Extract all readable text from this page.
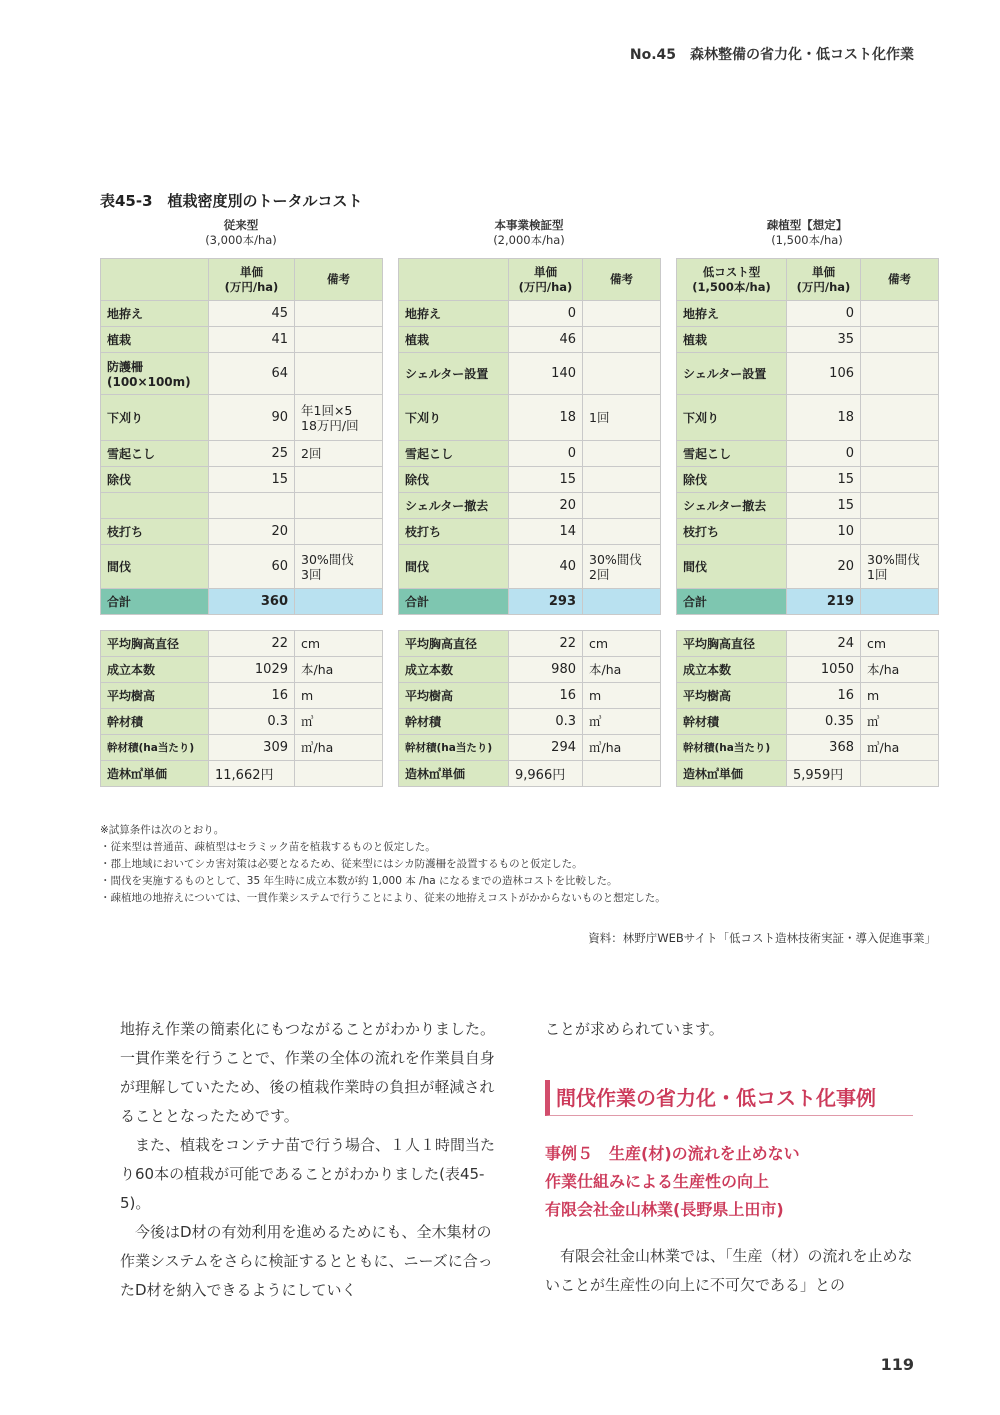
No.45　森林整備の省力化・低コスト化作業
表45-3　植栽密度別のトータルコスト
従来型
(3,000本/ha)
本事業検証型
(2,000本/ha)
疎植型【想定】
(1,500本/ha)
	単価
(万円/ha)	備考
地拵え	45	
植栽	41	
防護柵
(100×100m)	64	
下刈り	90	年1回×5
18万円/回
雪起こし	25	2回
除伐	15	

枝打ち	20	
間伐	60	30%間伐
3回
合計	360	

平均胸高直径	22	cm
成立本数	1029	本/ha
平均樹高	16	m
幹材積	0.3	㎥
幹材積(ha当たり)	309	㎥/ha
造林㎥単価	11,662円	
	単価
(万円/ha)	備考
地拵え	0	
植栽	46	
シェルター設置	140	
下刈り	18	1回
雪起こし	0	
除伐	15	
シェルター撤去	20	
枝打ち	14	
間伐	40	30%間伐
2回
合計	293	

平均胸高直径	22	cm
成立本数	980	本/ha
平均樹高	16	m
幹材積	0.3	㎥
幹材積(ha当たり)	294	㎥/ha
造林㎥単価	9,966円	
低コスト型
(1,500本/ha)	単価
(万円/ha)	備考
地拵え	0	
植栽	35	
シェルター設置	106	
下刈り	18	
雪起こし	0	
除伐	15	
シェルター撤去	15	
枝打ち	10	
間伐	20	30%間伐
1回
合計	219	

平均胸高直径	24	cm
成立本数	1050	本/ha
平均樹高	16	m
幹材積	0.35	㎥
幹材積(ha当たり)	368	㎥/ha
造林㎥単価	5,959円	
※試算条件は次のとおり。
・従来型は普通苗、疎植型はセラミック苗を植栽するものと仮定した。
・郡上地域においてシカ害対策は必要となるため、従来型にはシカ防護柵を設置するものと仮定した。
・間伐を実施するものとして、35 年生時に成立本数が約 1,000 本 /ha になるまでの造林コストを比較した。
・疎植地の地拵えについては、一貫作業システムで行うことにより、従来の地拵えコストがかからないものと想定した。
資料：林野庁WEBサイト「低コスト造林技術実証・導入促進事業」

地拵え作業の簡素化にもつながることがわかりました。一貫作業を行うことで、作業の全体の流れを作業員自身が理解していたため、後の植栽作業時の負担が軽減されることとなったためです。

　また、植栽をコンテナ苗で行う場合、１人１時間当たり60本の植栽が可能であることがわかりました(表45-5)。

　今後はD材の有効利用を進めるためにも、全木集材の作業システムをさらに検証するとともに、ニーズに合ったD材を納入できるようにしていく

ことが求められています。

間伐作業の省力化・低コスト化事例
事例５　生産(材)の流れを止めない
作業仕組みによる生産性の向上
有限会社金山林業(長野県上田市)

　有限会社金山林業では、「生産（材）の流れを止めないことが生産性の向上に不可欠である」との

119
